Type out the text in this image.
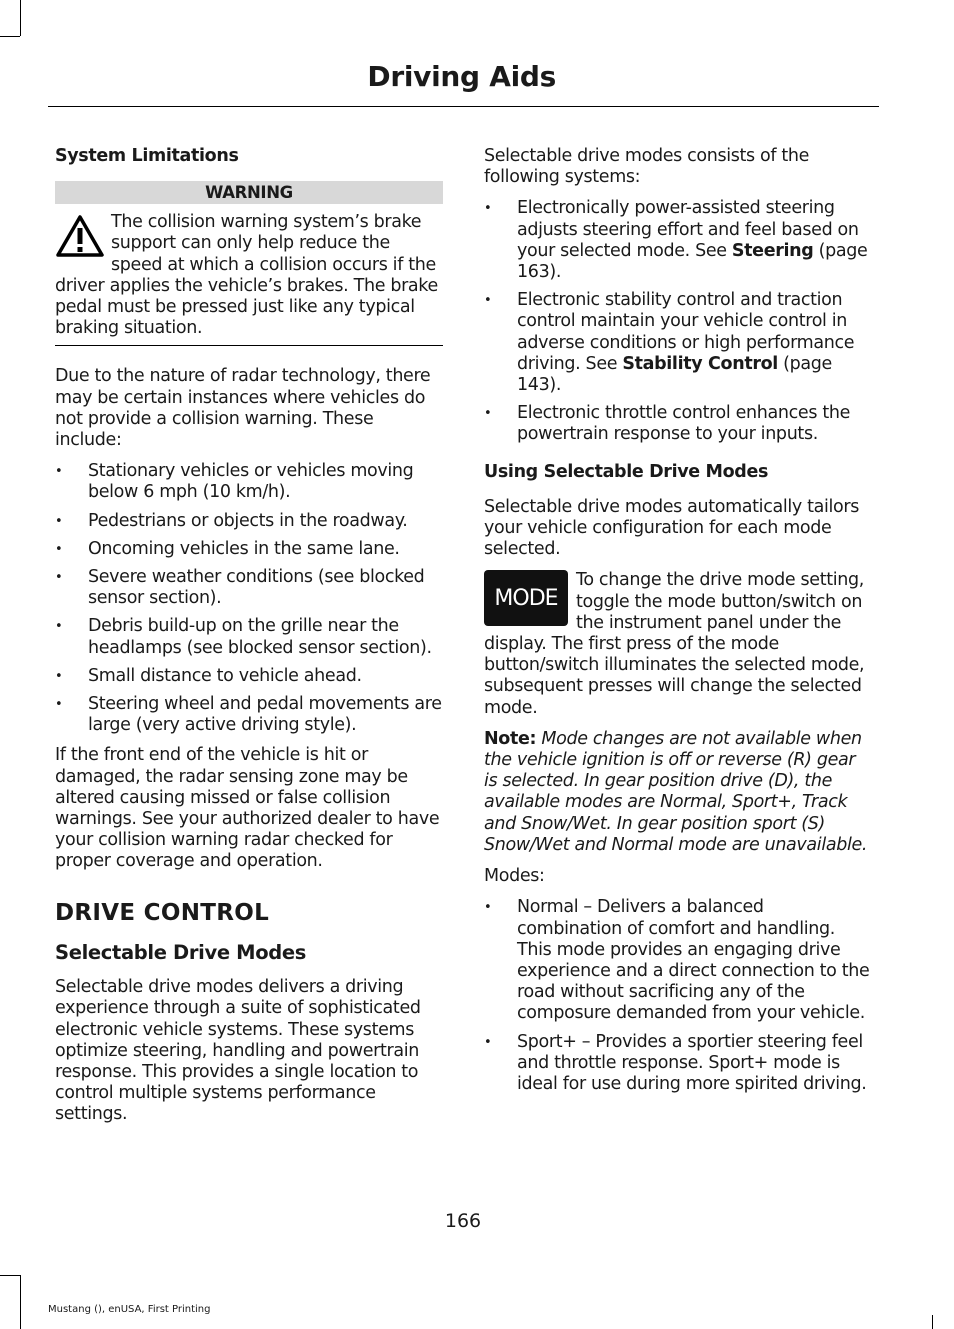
Driving Aids
System Limitations
WARNING
The collision warning system’s brake support can only help reduce the speed at which a collision occurs if the driver applies the vehicle’s brakes. The brake pedal must be pressed just like any typical braking situation.

Due to the nature of radar technology, there may be certain instances where vehicles do not provide a collision warning. These include:

• Stationary vehicles or vehicles moving below 6 mph (10 km/h).
• Pedestrians or objects in the roadway.
• Oncoming vehicles in the same lane.
• Severe weather conditions (see blocked sensor section).
• Debris build-up on the grille near the headlamps (see blocked sensor section).
• Small distance to vehicle ahead.
• Steering wheel and pedal movements are large (very active driving style).

If the front end of the vehicle is hit or damaged, the radar sensing zone may be altered causing missed or false collision warnings. See your authorized dealer to have your collision warning radar checked for proper coverage and operation.

DRIVE CONTROL
Selectable Drive Modes

Selectable drive modes delivers a driving experience through a suite of sophisticated electronic vehicle systems. These systems optimize steering, handling and powertrain response. This provides a single location to control multiple systems performance settings.

Selectable drive modes consists of the following systems:

• Electronically power-assisted steering adjusts steering effort and feel based on your selected mode. See Steering (page 163).
• Electronic stability control and traction control maintain your vehicle control in adverse conditions or high performance driving. See Stability Control (page 143).
• Electronic throttle control enhances the powertrain response to your inputs.
Using Selectable Drive Modes

Selectable drive modes automatically tailors your vehicle configuration for each mode selected.

MODE
To change the drive mode setting, toggle the mode button/switch on the instrument panel under the display. The first press of the mode button/switch illuminates the selected mode, subsequent presses will change the selected mode.

Note: Mode changes are not available when the vehicle ignition is off or reverse (R) gear is selected. In gear position drive (D), the available modes are Normal, Sport+, Track and Snow/Wet. In gear position sport (S) Snow/Wet and Normal mode are unavailable.

Modes:

• Normal – Delivers a balanced combination of comfort and handling. This mode provides an engaging drive experience and a direct connection to the road without sacrificing any of the composure demanded from your vehicle.
• Sport+ – Provides a sportier steering feel and throttle response. Sport+ mode is ideal for use during more spirited driving.
166
Mustang (), enUSA, First Printing
